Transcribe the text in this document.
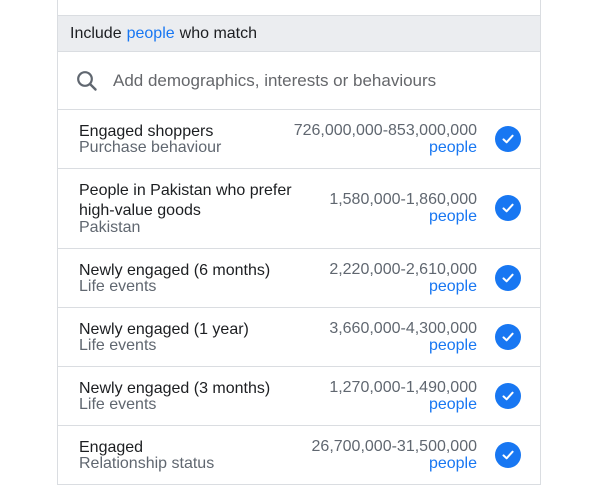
Include people who match
Add demographics, interests or behaviours
Engaged shoppers
Purchase behaviour
726,000,000-853,000,000
people
People in Pakistan who prefer
high-value goods
Pakistan
1,580,000-1,860,000
people
Newly engaged (6 months)
Life events
2,220,000-2,610,000
people
Newly engaged (1 year)
Life events
3,660,000-4,300,000
people
Newly engaged (3 months)
Life events
1,270,000-1,490,000
people
Engaged
Relationship status
26,700,000-31,500,000
people
